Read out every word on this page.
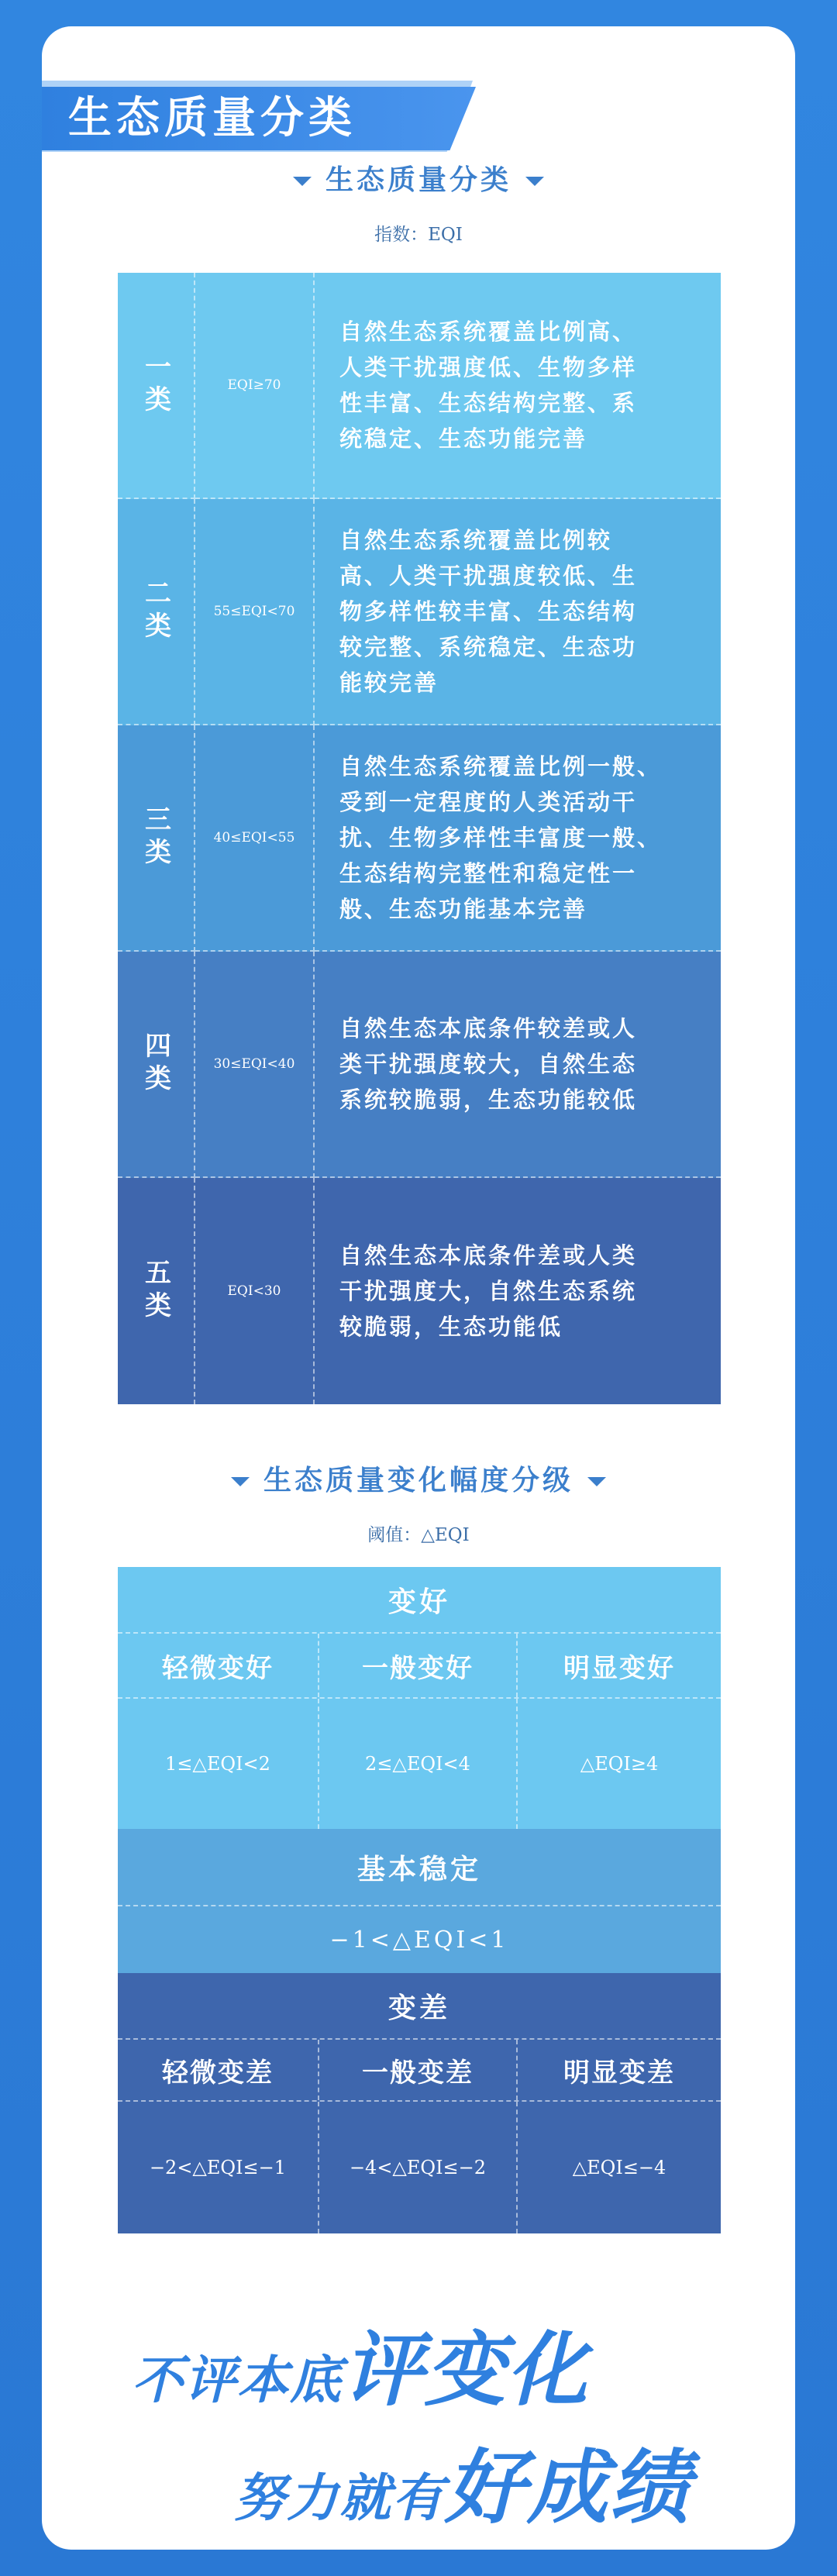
生态质量分类
生态质量分类
指数：EQI
一类	EQI≥70
自然生态系统覆盖比例高、
人类干扰强度低、生物多样
性丰富、生态结构完整、系
统稳定、生态功能完善
二类	55≤EQI<70
自然生态系统覆盖比例较
高、人类干扰强度较低、生
物多样性较丰富、生态结构
较完整、系统稳定、生态功
能较完善
三类	40≤EQI<55
自然生态系统覆盖比例一般、
受到一定程度的人类活动干
扰、生物多样性丰富度一般、
生态结构完整性和稳定性一
般、生态功能基本完善
四类	30≤EQI<40
自然生态本底条件较差或人
类干扰强度较大，自然生态
系统较脆弱，生态功能较低
五类	EQI<30
自然生态本底条件差或人类
干扰强度大，自然生态系统
较脆弱，生态功能低
生态质量变化幅度分级
阈值：△EQI
变好
轻微变好	一般变好	明显变好
1≤△EQI<2	2≤△EQI<4	△EQI≥4
基本稳定
−1<△EQI<1
变差
轻微变差	一般变差	明显变差
−2<△EQI≤−1	−4<△EQI≤−2	△EQI≤−4
不评本底评变化
努力就有好成绩
